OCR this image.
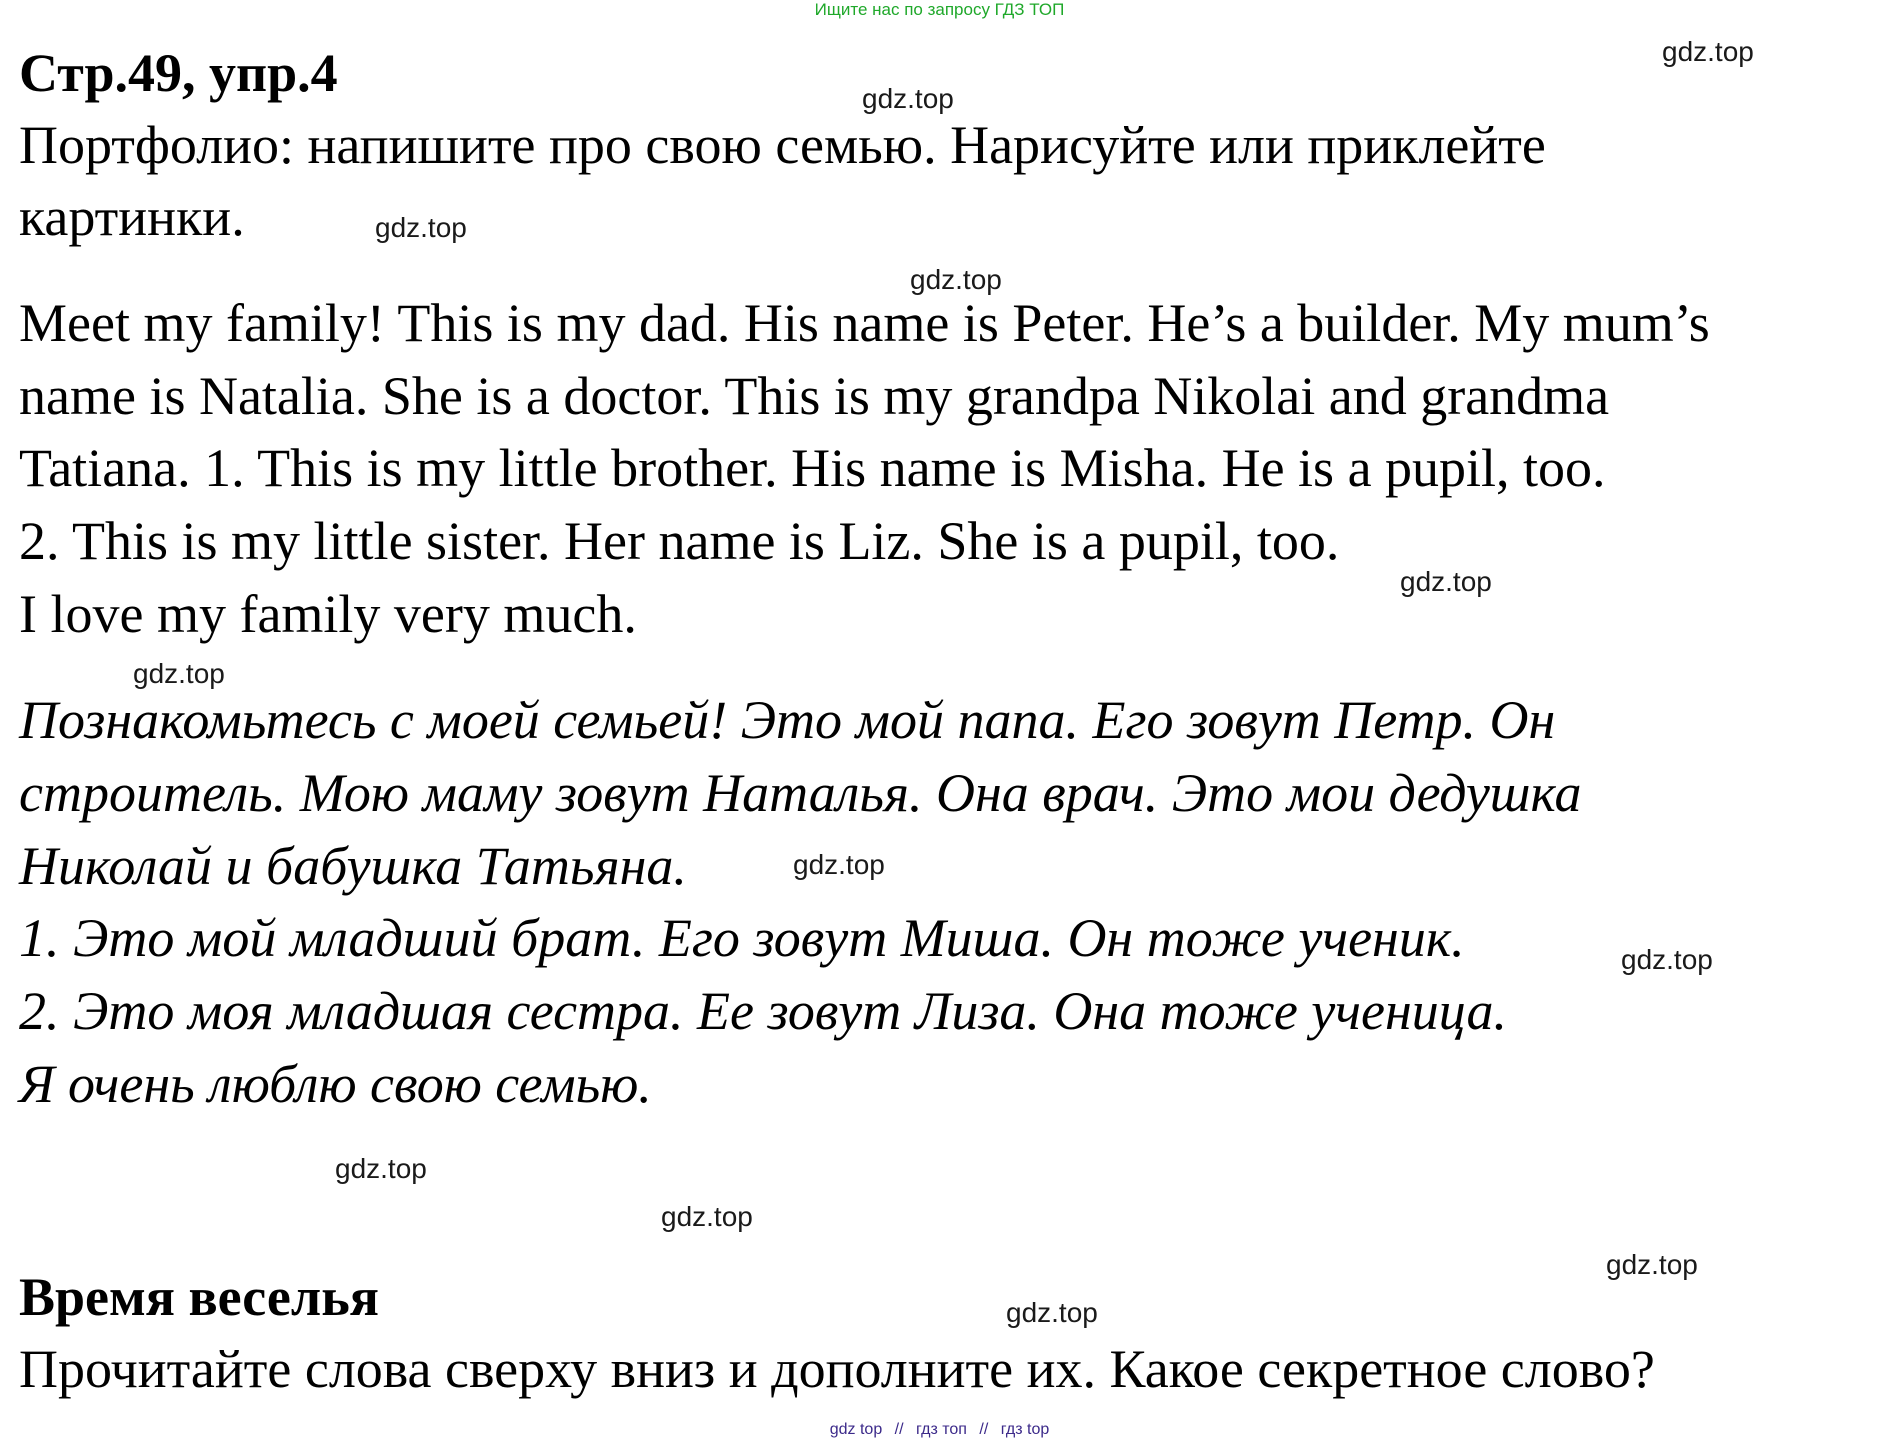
Ищите нас по запросу ГДЗ ТОП
Стр.49, упр.4
Портфолио: напишите про свою семью. Нарисуйте или приклейте
картинки.
Meet my family! This is my dad. His name is Peter. He’s a builder. My mum’s
name is Natalia. She is a doctor. This is my grandpa Nikolai and grandma
Tatiana. 1. This is my little brother. His name is Misha. He is a pupil, too.
2. This is my little sister. Her name is Liz. She is a pupil, too.
I love my family very much.
Познакомьтесь с моей семьей! Это мой папа. Его зовут Петр. Он
строитель. Мою маму зовут Наталья. Она врач. Это мои дедушка
Николай и бабушка Татьяна.
1. Это мой младший брат. Его зовут Миша. Он тоже ученик.
2. Это моя младшая сестра. Ее зовут Лиза. Она тоже ученица.
Я очень люблю свою семью.
Время веселья
Прочитайте слова сверху вниз и дополните их. Какое секретное слово?
gdz.top
gdz.top
gdz.top
gdz.top
gdz.top
gdz.top
gdz.top
gdz.top
gdz.top
gdz.top
gdz.top
gdz.top
gdz top // гдз топ // гдз top
